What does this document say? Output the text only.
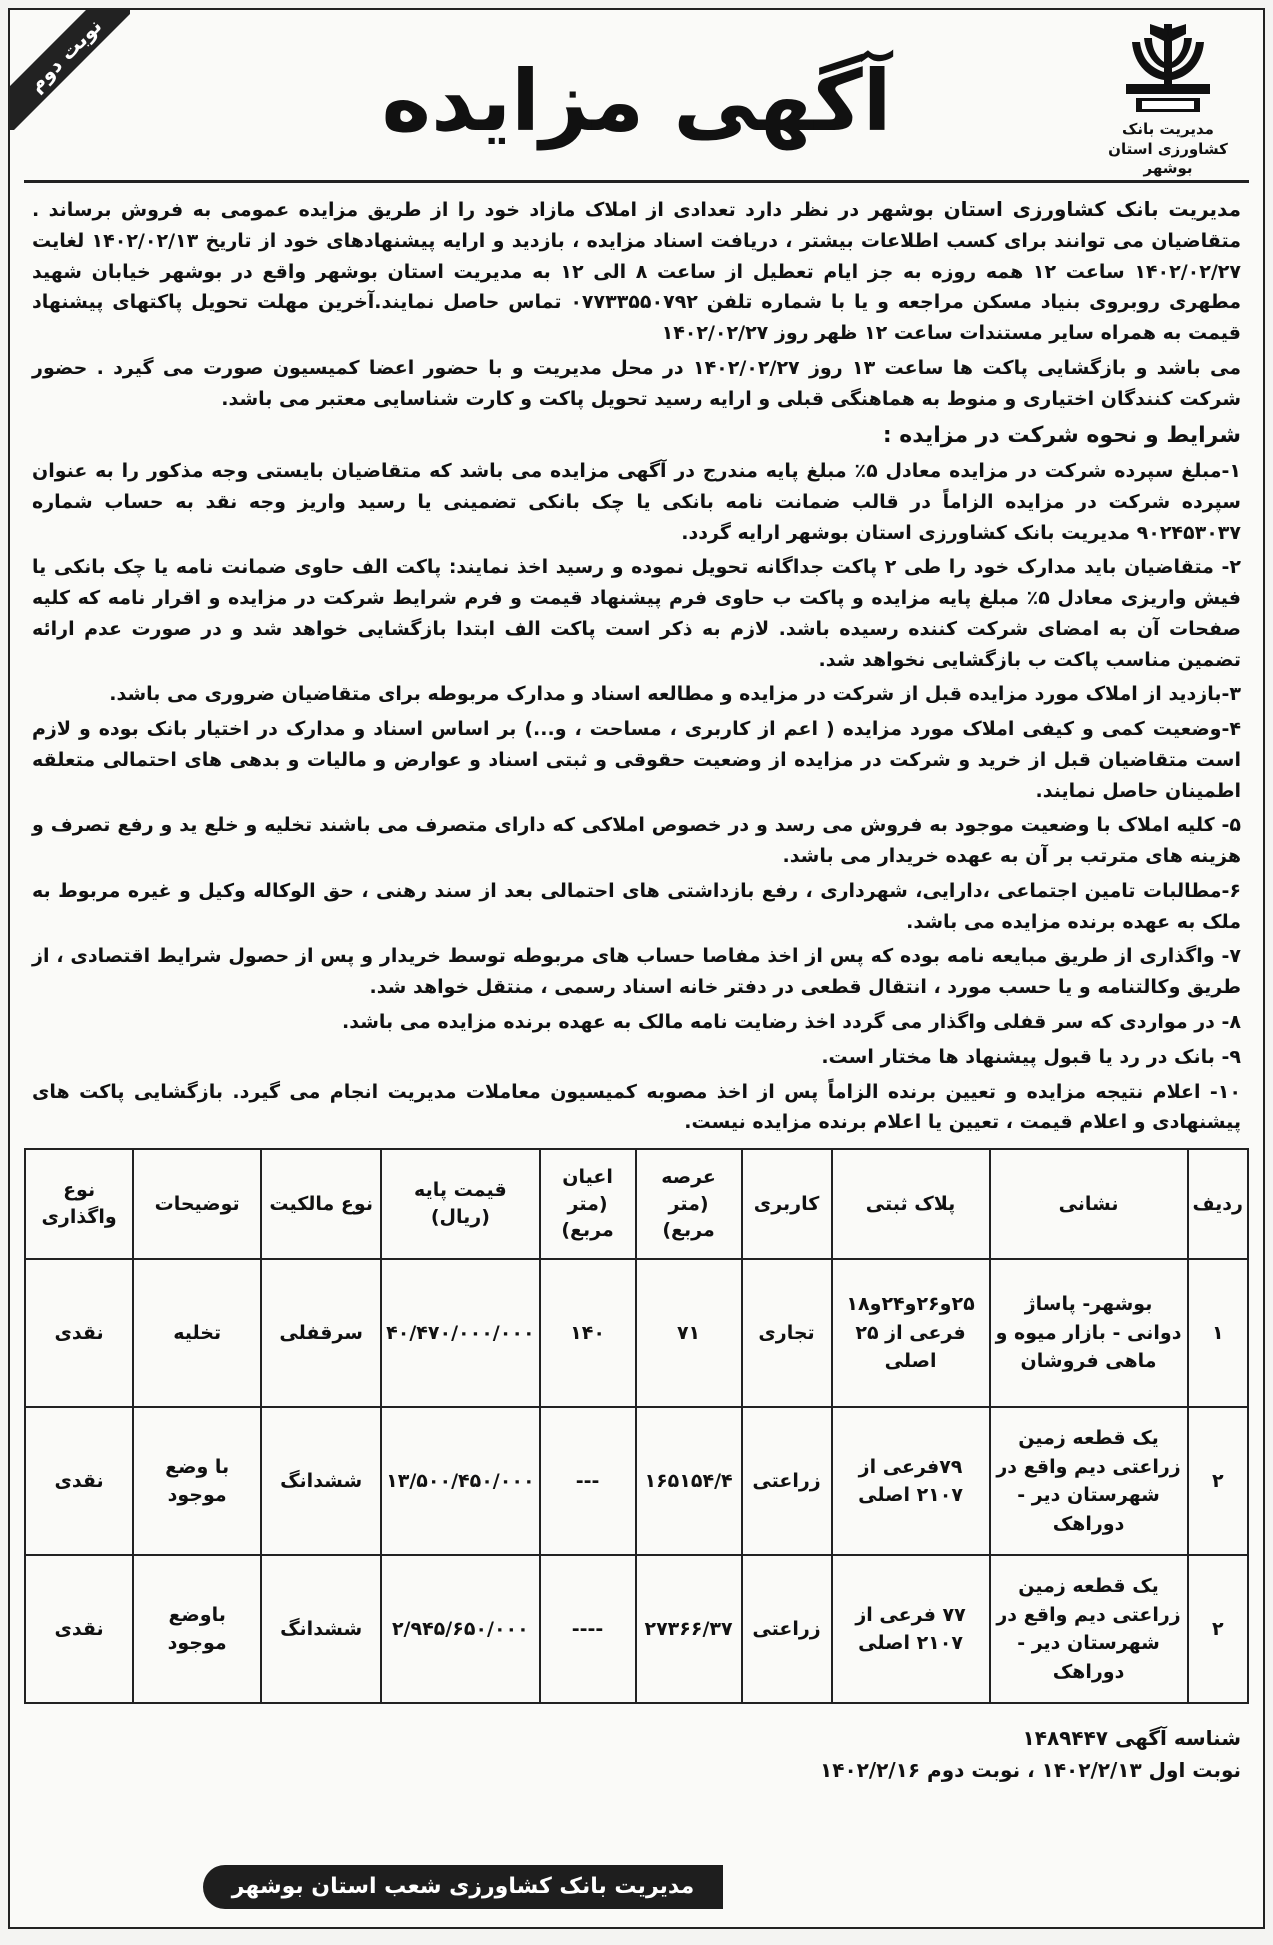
نوبت دوم	آگهی مزایده	مدیریت بانک کشاورزی استان بوشهر

مدیریت بانک کشاورزی استان بوشهر در نظر دارد تعدادی از املاک مازاد خود را از طریق مزایده عمومی به فروش برساند . متقاضیان می توانند برای کسب اطلاعات بیشتر ، دریافت اسناد مزایده ، بازدید و ارایه پیشنهادهای خود از تاریخ ۱۴۰۲/۰۲/۱۳ لغایت ۱۴۰۲/۰۲/۲۷ ساعت ۱۲ همه روزه به جز ایام تعطیل از ساعت ۸ الی ۱۲ به مدیریت استان بوشهر واقع در بوشهر خیابان شهید مطهری روبروی بنیاد مسکن مراجعه و یا با شماره تلفن ۰۷۷۳۳۵۵۰۷۹۲ تماس حاصل نمایند.آخرین مهلت تحویل پاکتهای پیشنهاد قیمت به همراه سایر مستندات ساعت ۱۲ ظهر روز ۱۴۰۲/۰۲/۲۷

می باشد و بازگشایی پاکت ها ساعت ۱۳ روز ۱۴۰۲/۰۲/۲۷ در محل مدیریت و با حضور اعضا کمیسیون صورت می گیرد . حضور شرکت کنندگان اختیاری و منوط به هماهنگی قبلی و ارایه رسید تحویل پاکت و کارت شناسایی معتبر می باشد.

شرایط و نحوه شرکت در مزایده :

۱-مبلغ سپرده شرکت در مزایده معادل ۵٪ مبلغ پایه مندرج در آگهی مزایده می باشد که متقاضیان بایستی وجه مذکور را به عنوان سپرده شرکت در مزایده الزاماً در قالب ضمانت نامه بانکی یا چک بانکی تضمینی یا رسید واریز وجه نقد به حساب شماره ۹۰۲۴۵۳۰۳۷ مدیریت بانک کشاورزی استان بوشهر ارایه گردد.

۲- متقاضیان باید مدارک خود را طی ۲ پاکت جداگانه تحویل نموده و رسید اخذ نمایند: پاکت الف حاوی ضمانت نامه یا چک بانکی یا فیش واریزی معادل ۵٪ مبلغ پایه مزایده و پاکت ب حاوی فرم پیشنهاد قیمت و فرم شرایط شرکت در مزایده و اقرار نامه که کلیه صفحات آن به امضای شرکت کننده رسیده باشد. لازم به ذکر است پاکت الف ابتدا بازگشایی خواهد شد و در صورت عدم ارائه تضمین مناسب پاکت ب بازگشایی نخواهد شد.

۳-بازدید از املاک مورد مزایده قبل از شرکت در مزایده و مطالعه اسناد و مدارک مربوطه برای متقاضیان ضروری می باشد.

۴-وضعیت کمی و کیفی املاک مورد مزایده ( اعم از کاربری ، مساحت ، و...) بر اساس اسناد و مدارک در اختیار بانک بوده و لازم است متقاضیان قبل از خرید و شرکت در مزایده از وضعیت حقوقی و ثبتی اسناد و عوارض و مالیات و بدهی های احتمالی متعلقه اطمینان حاصل نمایند.

۵- کلیه املاک با وضعیت موجود به فروش می رسد و در خصوص املاکی که دارای متصرف می باشند تخلیه و خلع ید و رفع تصرف و هزینه های مترتب بر آن به عهده خریدار می باشد.

۶-مطالبات تامین اجتماعی ،دارایی، شهرداری ، رفع بازداشتی های احتمالی بعد از سند رهنی ، حق الوکاله وکیل و غیره مربوط به ملک به عهده برنده مزایده می باشد.

۷- واگذاری از طریق مبایعه نامه بوده که پس از اخذ مفاصا حساب های مربوطه توسط خریدار و پس از حصول شرایط اقتصادی ، از طریق وکالتنامه و یا حسب مورد ، انتقال قطعی در دفتر خانه اسناد رسمی ، منتقل خواهد شد.

۸- در مواردی که سر قفلی واگذار می گردد اخذ رضایت نامه مالک به عهده برنده مزایده می باشد.

۹- بانک در رد یا قبول پیشنهاد ها مختار است.

۱۰- اعلام نتیجه مزایده و تعیین برنده الزاماً پس از اخذ مصوبه کمیسیون معاملات مدیریت انجام می گیرد. بازگشایی پاکت های پیشنهادی و اعلام قیمت ، تعیین یا اعلام برنده مزایده نیست.

ردیف	نشانی	پلاک ثبتی	کاربری	عرصه (متر مربع)	اعیان (متر مربع)	قیمت پایه (ریال)	نوع مالکیت	توضیحات	نوع واگذاری
۱	بوشهر- پاساژ دوانی - بازار میوه و ماهی فروشان	۲۵و۲۶و۲۴و۱۸ فرعی از ۲۵ اصلی	تجاری	۷۱	۱۴۰	۴۰/۴۷۰/۰۰۰/۰۰۰	سرقفلی	تخلیه	نقدی
۲	یک قطعه زمین زراعتی دیم واقع در شهرستان دیر - دوراهک	۷۹فرعی از ۲۱۰۷ اصلی	زراعتی	۱۶۵۱۵۴/۴	---	۱۳/۵۰۰/۴۵۰/۰۰۰	ششدانگ	با وضع موجود	نقدی
۲	یک قطعه زمین زراعتی دیم واقع در شهرستان دیر - دوراهک	۷۷ فرعی از ۲۱۰۷ اصلی	زراعتی	۲۷۳۶۶/۳۷	----	۲/۹۴۵/۶۵۰/۰۰۰	ششدانگ	باوضع موجود	نقدی
شناسه آگهی ۱۴۸۹۴۴۷
نوبت اول ۱۴۰۲/۲/۱۳ ، نوبت دوم ۱۴۰۲/۲/۱۶
مدیریت بانک کشاورزی شعب استان بوشهر
